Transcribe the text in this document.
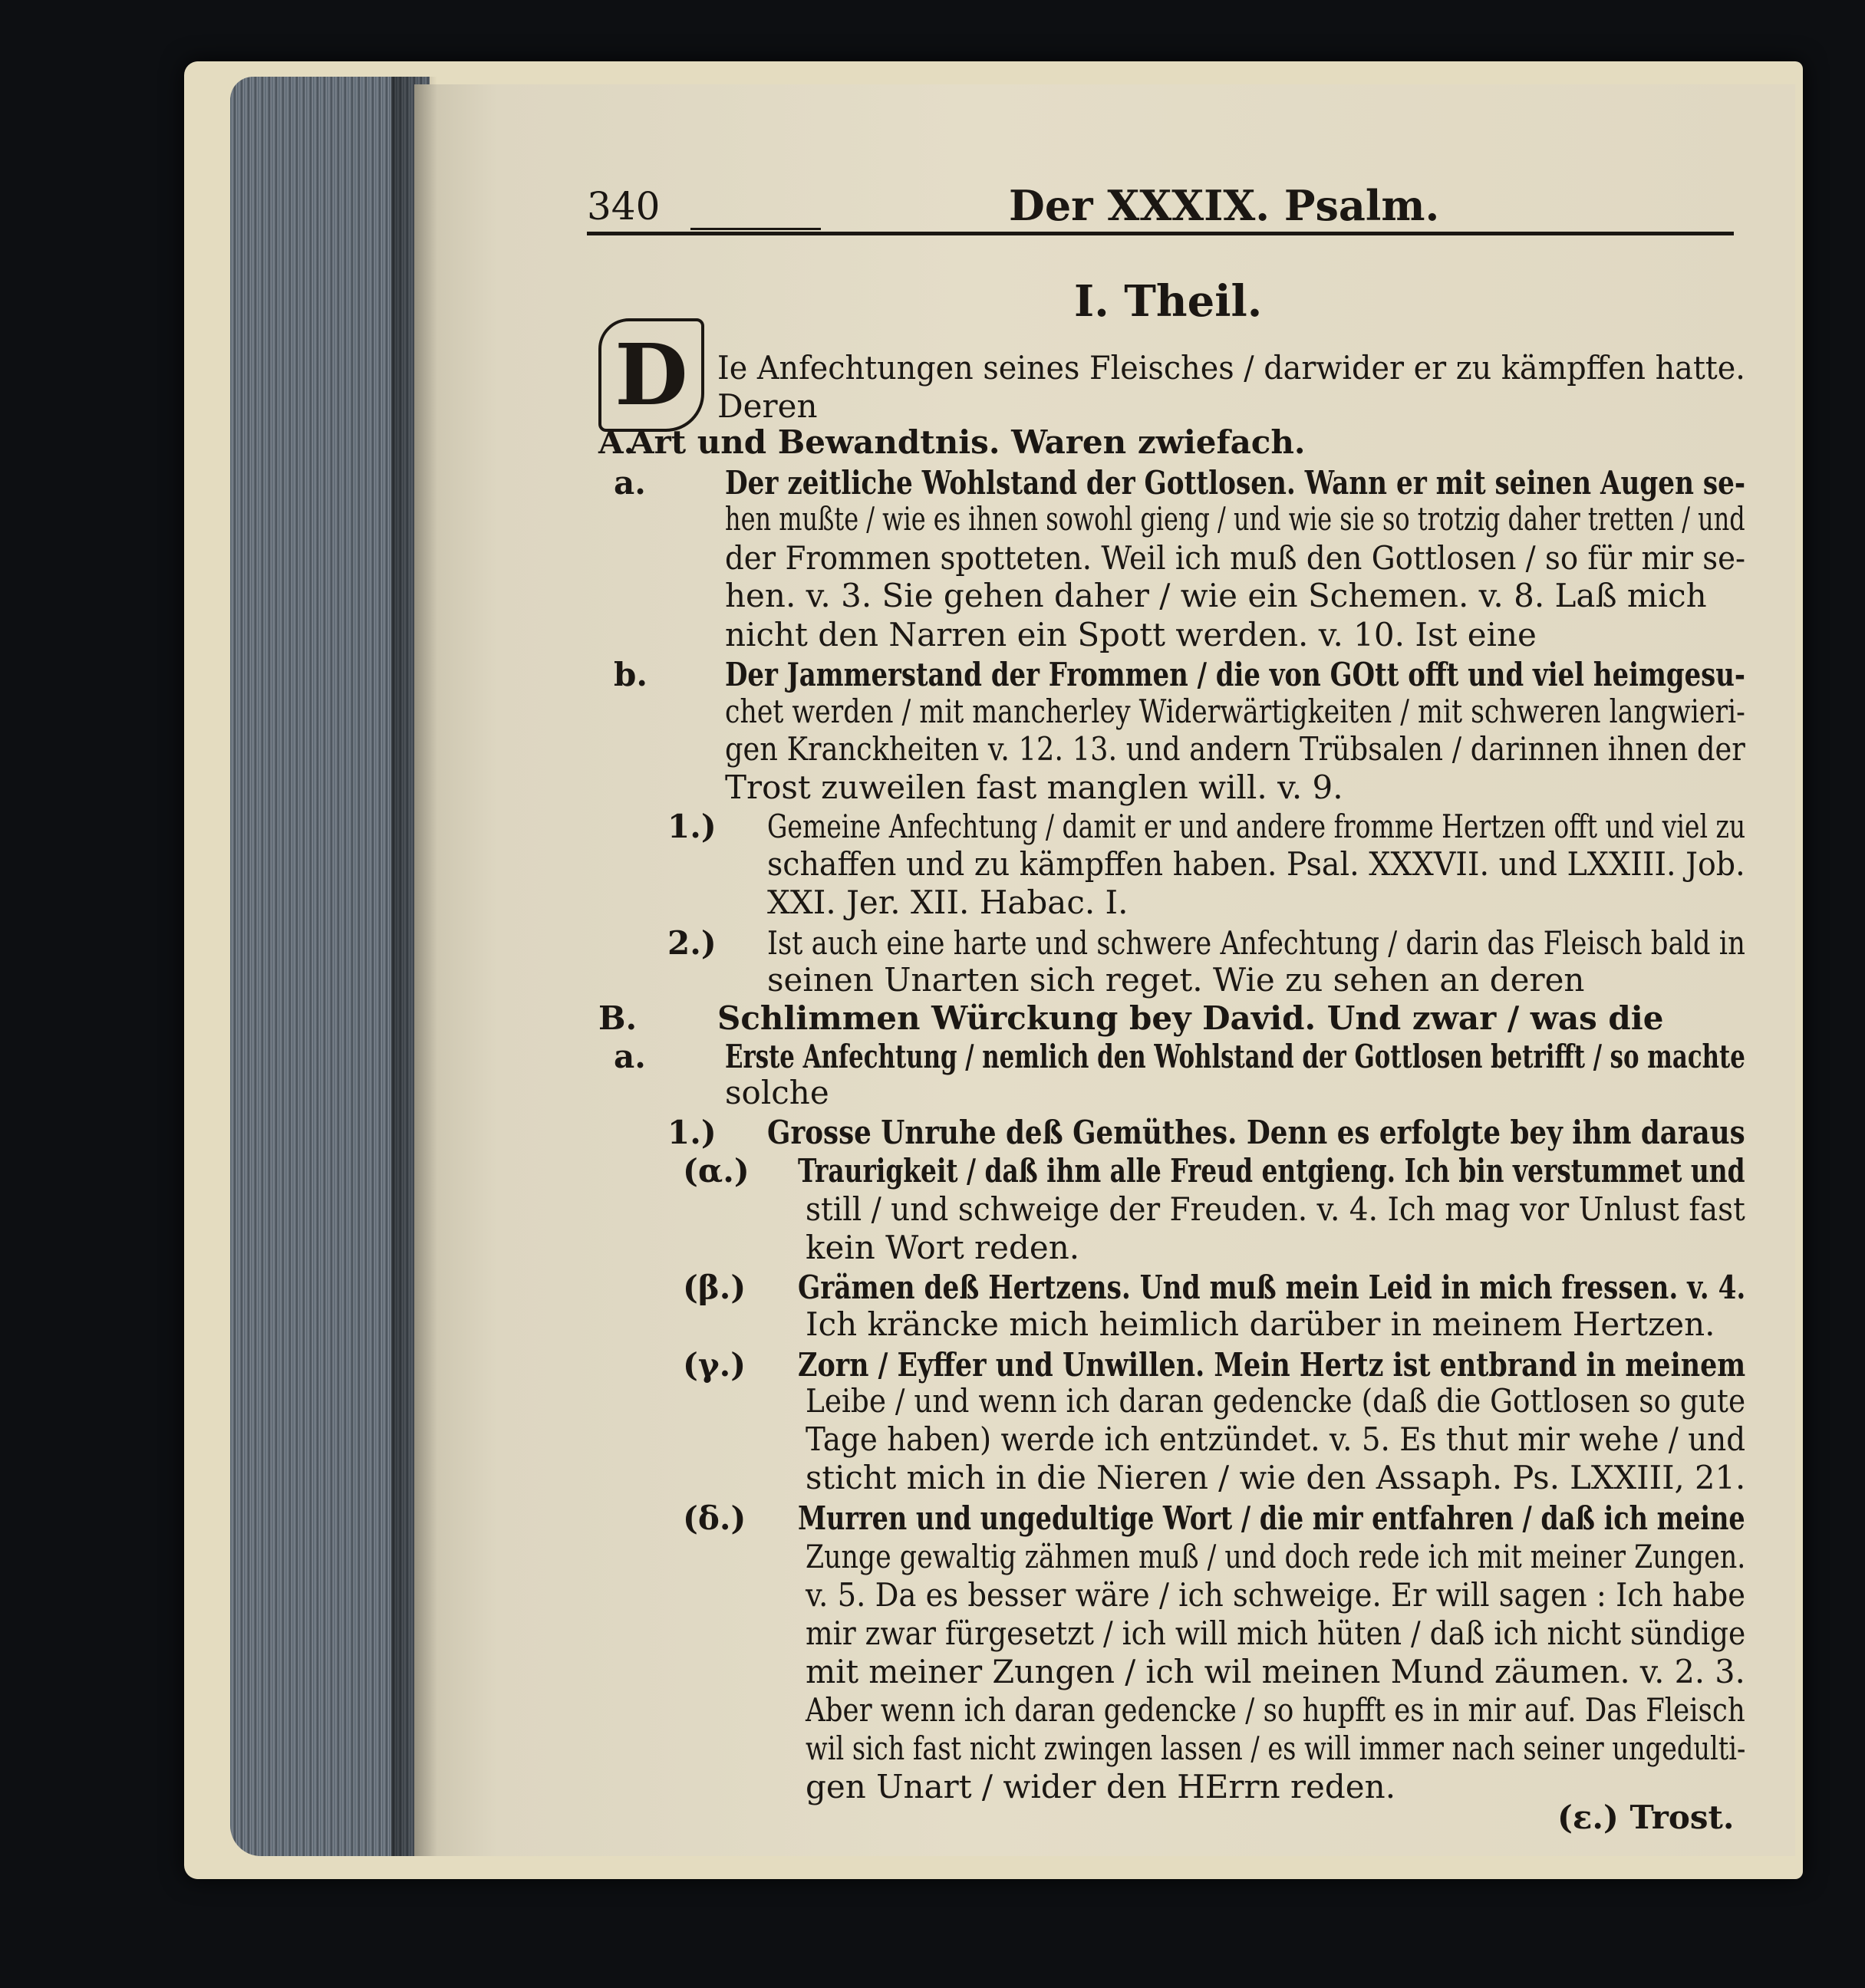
340	Der XXXIX. Psalm.
I. Theil.
D Ie Anfechtungen seines Fleisches / darwider er zu kämpffen hatte.
Deren
A.
Art und Bewandtnis. Waren zwiefach.
a. Der zeitliche Wohlstand der Gottlosen. Wann er mit seinen Augen se-
hen mußte / wie es ihnen sowohl gieng / und wie sie so trotzig daher tretten / und
der Frommen spotteten. Weil ich muß den Gottlosen / so für mir se-
hen. v. 3. Sie gehen daher / wie ein Schemen. v. 8. Laß mich
nicht den Narren ein Spott werden. v. 10. Ist eine
b. Der Jammerstand der Frommen / die von GOtt offt und viel heimgesu-
chet werden / mit mancherley Widerwärtigkeiten / mit schweren langwieri-
gen Kranckheiten v. 12. 13. und andern Trübsalen / darinnen ihnen der
Trost zuweilen fast manglen will. v. 9.
1.) Gemeine Anfechtung / damit er und andere fromme Hertzen offt und viel zu
schaffen und zu kämpffen haben. Psal. XXXVII. und LXXIII. Job.
XXI. Jer. XII. Habac. I.
2.) Ist auch eine harte und schwere Anfechtung / darin das Fleisch bald in
seinen Unarten sich reget. Wie zu sehen an deren
B. Schlimmen Würckung bey David. Und zwar / was die
a. Erste Anfechtung / nemlich den Wohlstand der Gottlosen betrifft / so machte
solche
1.) Grosse Unruhe deß Gemüthes. Denn es erfolgte bey ihm daraus
(α.) Traurigkeit / daß ihm alle Freud entgieng. Ich bin verstummet und
still / und schweige der Freuden. v. 4. Ich mag vor Unlust fast
kein Wort reden.
(β.) Grämen deß Hertzens. Und muß mein Leid in mich fressen. v. 4.
Ich kräncke mich heimlich darüber in meinem Hertzen.
(γ.) Zorn / Eyffer und Unwillen. Mein Hertz ist entbrand in meinem
Leibe / und wenn ich daran gedencke (daß die Gottlosen so gute
Tage haben) werde ich entzündet. v. 5. Es thut mir wehe / und
sticht mich in die Nieren / wie den Assaph. Ps. LXXIII, 21.
(δ.) Murren und ungedultige Wort / die mir entfahren / daß ich meine
Zunge gewaltig zähmen muß / und doch rede ich mit meiner Zungen.
v. 5. Da es besser wäre / ich schweige. Er will sagen : Ich habe
mir zwar fürgesetzt / ich will mich hüten / daß ich nicht sündige
mit meiner Zungen / ich wil meinen Mund zäumen. v. 2. 3.
Aber wenn ich daran gedencke / so hupfft es in mir auf. Das Fleisch
wil sich fast nicht zwingen lassen / es will immer nach seiner ungedulti-
gen Unart / wider den HErrn reden.
(ε.) Trost.
